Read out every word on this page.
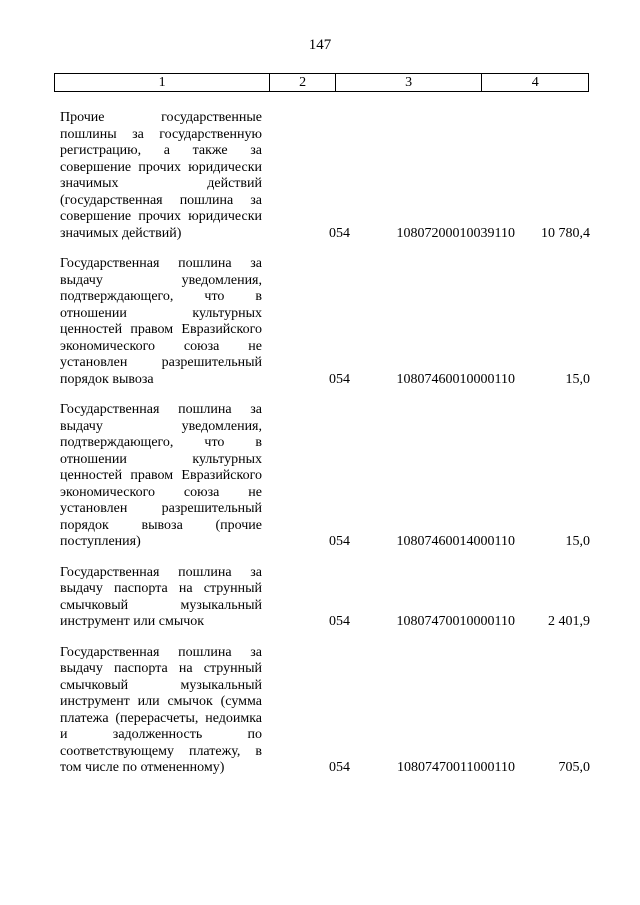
147
1	2	3	4
Прочие государственные пошлины за государственную регистрацию, а также за совершение прочих юридически значимых действий (государственная пошлина за совершение прочих юридически значимых действий)	054	10807200010039110	10 780,4
Государственная пошлина за выдачу уведомления, подтверждающего, что в отношении культурных ценностей правом Евразийского экономического союза не установлен разрешительный порядок вывоза	054	10807460010000110	15,0
Государственная пошлина за выдачу уведомления, подтверждающего, что в отношении культурных ценностей правом Евразийского экономического союза не установлен разрешительный порядок вывоза (прочие поступления)	054	10807460014000110	15,0
Государственная пошлина за выдачу паспорта на струнный смычковый музыкальный инструмент или смычок	054	10807470010000110	2 401,9
Государственная пошлина за выдачу паспорта на струнный смычковый музыкальный инструмент или смычок (сумма платежа (перерасчеты, недоимка и задолженность по соответствующему платежу, в том числе по отмененному)	054	10807470011000110	705,0
